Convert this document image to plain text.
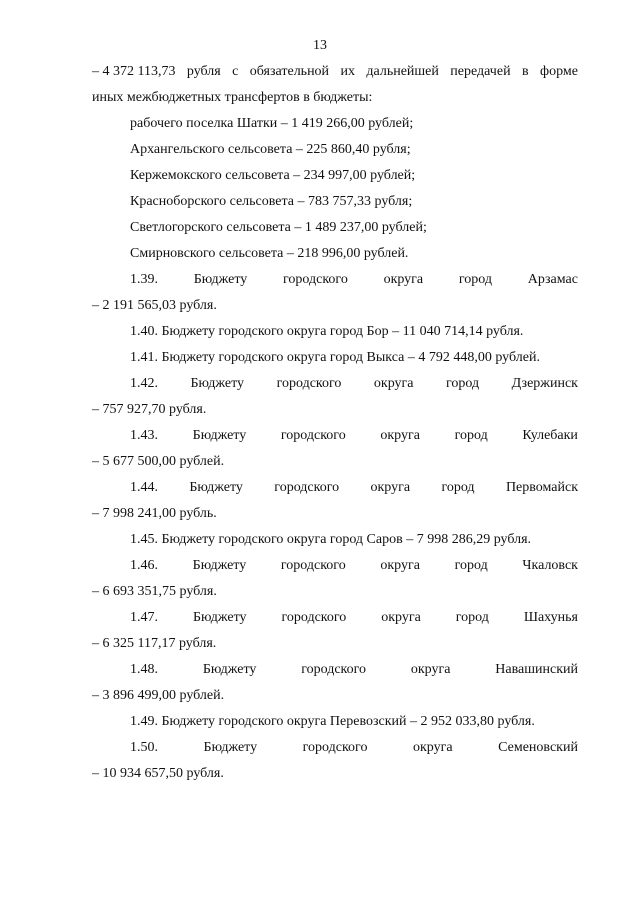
13
– 4 372 113,73 рубля с обязательной их дальнейшей передачей в форме
иных межбюджетных трансфертов в бюджеты:
рабочего поселка Шатки – 1 419 266,00 рублей;
Архангельского сельсовета – 225 860,40 рубля;
Кержемокского сельсовета – 234 997,00 рублей;
Красноборского сельсовета – 783 757,33 рубля;
Светлогорского сельсовета – 1 489 237,00 рублей;
Смирновского сельсовета – 218 996,00 рублей.
1.39.	Бюджету	городского	округа	город	Арзамас
– 2 191 565,03 рубля.
1.40. Бюджету городского округа город Бор – 11 040 714,14 рубля.
1.41. Бюджету городского округа город Выкса – 4 792 448,00 рублей.
1.42. Бюджету городского округа город Дзержинск
– 757 927,70 рубля.
1.43. Бюджету городского округа город Кулебаки
– 5 677 500,00 рублей.
1.44. Бюджету городского округа город Первомайск
– 7 998 241,00 рубль.
1.45. Бюджету городского округа город Саров – 7 998 286,29 рубля.
1.46. Бюджету городского округа город Чкаловск
– 6 693 351,75 рубля.
1.47. Бюджету городского округа город Шахунья
– 6 325 117,17 рубля.
1.48.	Бюджету	городского	округа	Навашинский
– 3 896 499,00 рублей.
1.49. Бюджету городского округа Перевозский – 2 952 033,80 рубля.
1.50.	Бюджету	городского	округа	Семеновский
– 10 934 657,50 рубля.
